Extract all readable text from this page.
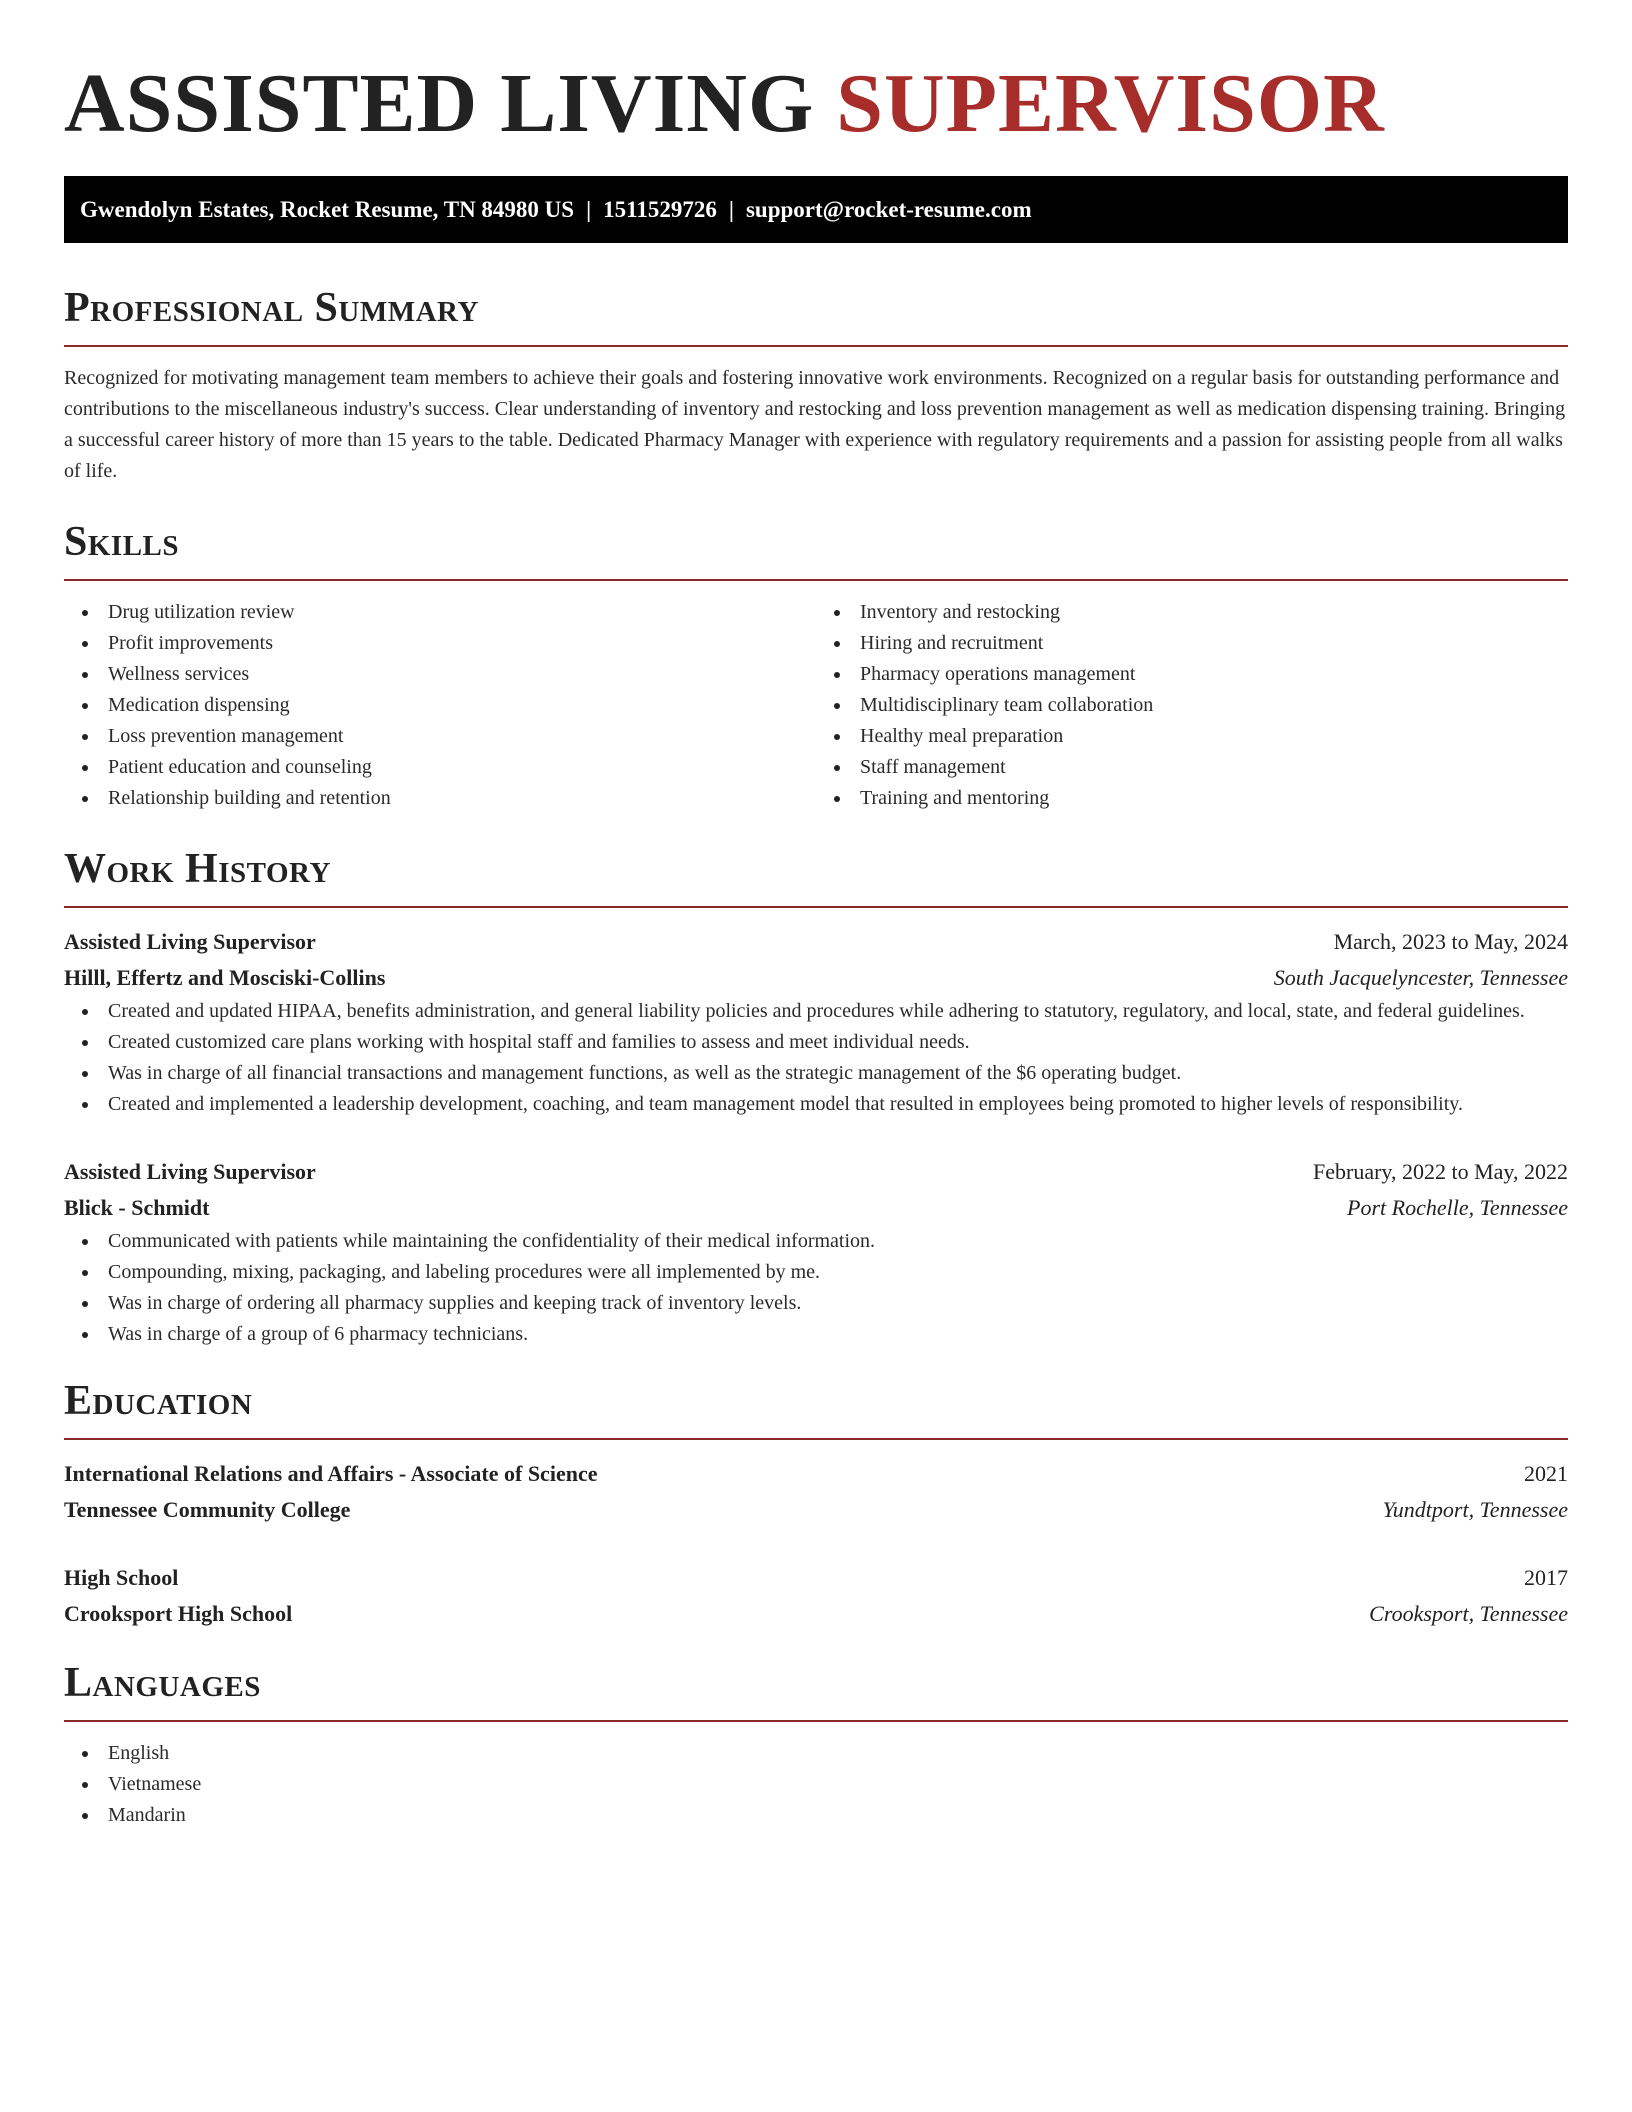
ASSISTED LIVING SUPERVISOR
Gwendolyn Estates, Rocket Resume, TN 84980 US | 1511529726 | support@rocket-resume.com
Professional Summary

Recognized for motivating management team members to achieve their goals and fostering innovative work environments. Recognized on a regular basis for outstanding performance and contributions to the miscellaneous industry's success. Clear understanding of inventory and restocking and loss prevention management as well as medication dispensing training. Bringing a successful career history of more than 15 years to the table. Dedicated Pharmacy Manager with experience with regulatory requirements and a passion for assisting people from all walks of life.

Skills
Drug utilization review
Profit improvements
Wellness services
Medication dispensing
Loss prevention management
Patient education and counseling
Relationship building and retention
Inventory and restocking
Hiring and recruitment
Pharmacy operations management
Multidisciplinary team collaboration
Healthy meal preparation
Staff management
Training and mentoring
Work History
Assisted Living Supervisor	March, 2023 to May, 2024
Hilll, Effertz and Mosciski-Collins	South Jacquelyncester, Tennessee
Created and updated HIPAA, benefits administration, and general liability policies and procedures while adhering to statutory, regulatory, and local, state, and federal guidelines.
Created customized care plans working with hospital staff and families to assess and meet individual needs.
Was in charge of all financial transactions and management functions, as well as the strategic management of the $6 operating budget.
Created and implemented a leadership development, coaching, and team management model that resulted in employees being promoted to higher levels of responsibility.
Assisted Living Supervisor	February, 2022 to May, 2022
Blick - Schmidt	Port Rochelle, Tennessee
Communicated with patients while maintaining the confidentiality of their medical information.
Compounding, mixing, packaging, and labeling procedures were all implemented by me.
Was in charge of ordering all pharmacy supplies and keeping track of inventory levels.
Was in charge of a group of 6 pharmacy technicians.
Education
International Relations and Affairs - Associate of Science	2021
Tennessee Community College	Yundtport, Tennessee
High School	2017
Crooksport High School	Crooksport, Tennessee
Languages
English
Vietnamese
Mandarin
